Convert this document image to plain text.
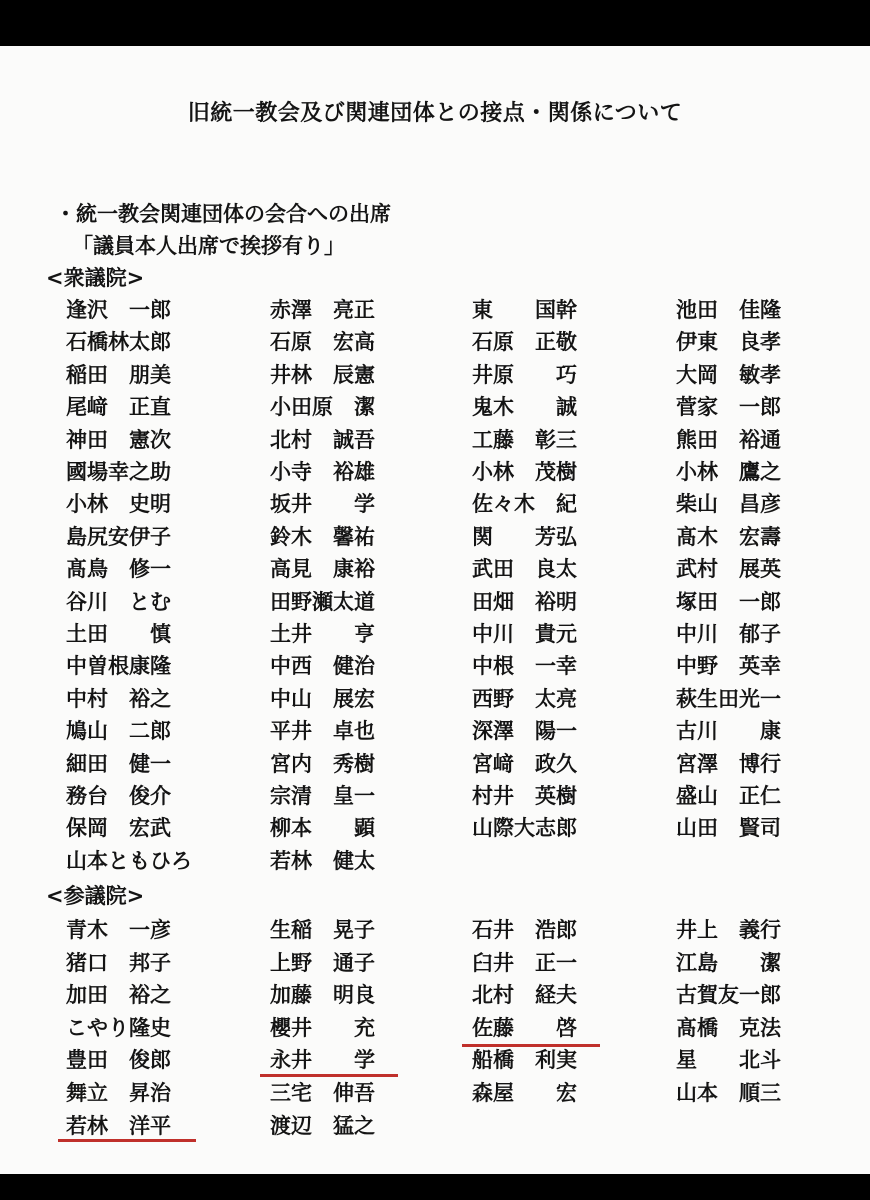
旧統一教会及び関連団体との接点・関係について
・統一教会関連団体の会合への出席
「議員本人出席で挨拶有り」
<衆議院>
逢沢　一郎	赤澤　亮正	東　　国幹	池田　佳隆
石橋林太郎	石原　宏高	石原　正敬	伊東　良孝
稲田　朋美	井林　辰憲	井原　　巧	大岡　敏孝
尾﨑　正直	小田原　潔	鬼木　　誠	菅家　一郎
神田　憲次	北村　誠吾	工藤　彰三	熊田　裕通
國場幸之助	小寺　裕雄	小林　茂樹	小林　鷹之
小林　史明	坂井　　学	佐々木　紀	柴山　昌彦
島尻安伊子	鈴木　馨祐	関　　芳弘	髙木　宏壽
髙鳥　修一	高見　康裕	武田　良太	武村　展英
谷川　とむ	田野瀬太道	田畑　裕明	塚田　一郎
土田　　慎	土井　　亨	中川　貴元	中川　郁子
中曽根康隆	中西　健治	中根　一幸	中野　英幸
中村　裕之	中山　展宏	西野　太亮	萩生田光一
鳩山　二郎	平井　卓也	深澤　陽一	古川　　康
細田　健一	宮内　秀樹	宮﨑　政久	宮澤　博行
務台　俊介	宗清　皇一	村井　英樹	盛山　正仁
保岡　宏武	柳本　　顕	山際大志郎	山田　賢司
山本ともひろ	若林　健太
<参議院>
青木　一彦	生稲　晃子	石井　浩郎	井上　義行
猪口　邦子	上野　通子	臼井　正一	江島　　潔
加田　裕之	加藤　明良	北村　経夫	古賀友一郎
こやり隆史	櫻井　　充	佐藤　　啓	髙橋　克法
豊田　俊郎	永井　　学	船橋　利実	星　　北斗
舞立　昇治	三宅　伸吾	森屋　　宏	山本　順三
若林　洋平	渡辺　猛之
